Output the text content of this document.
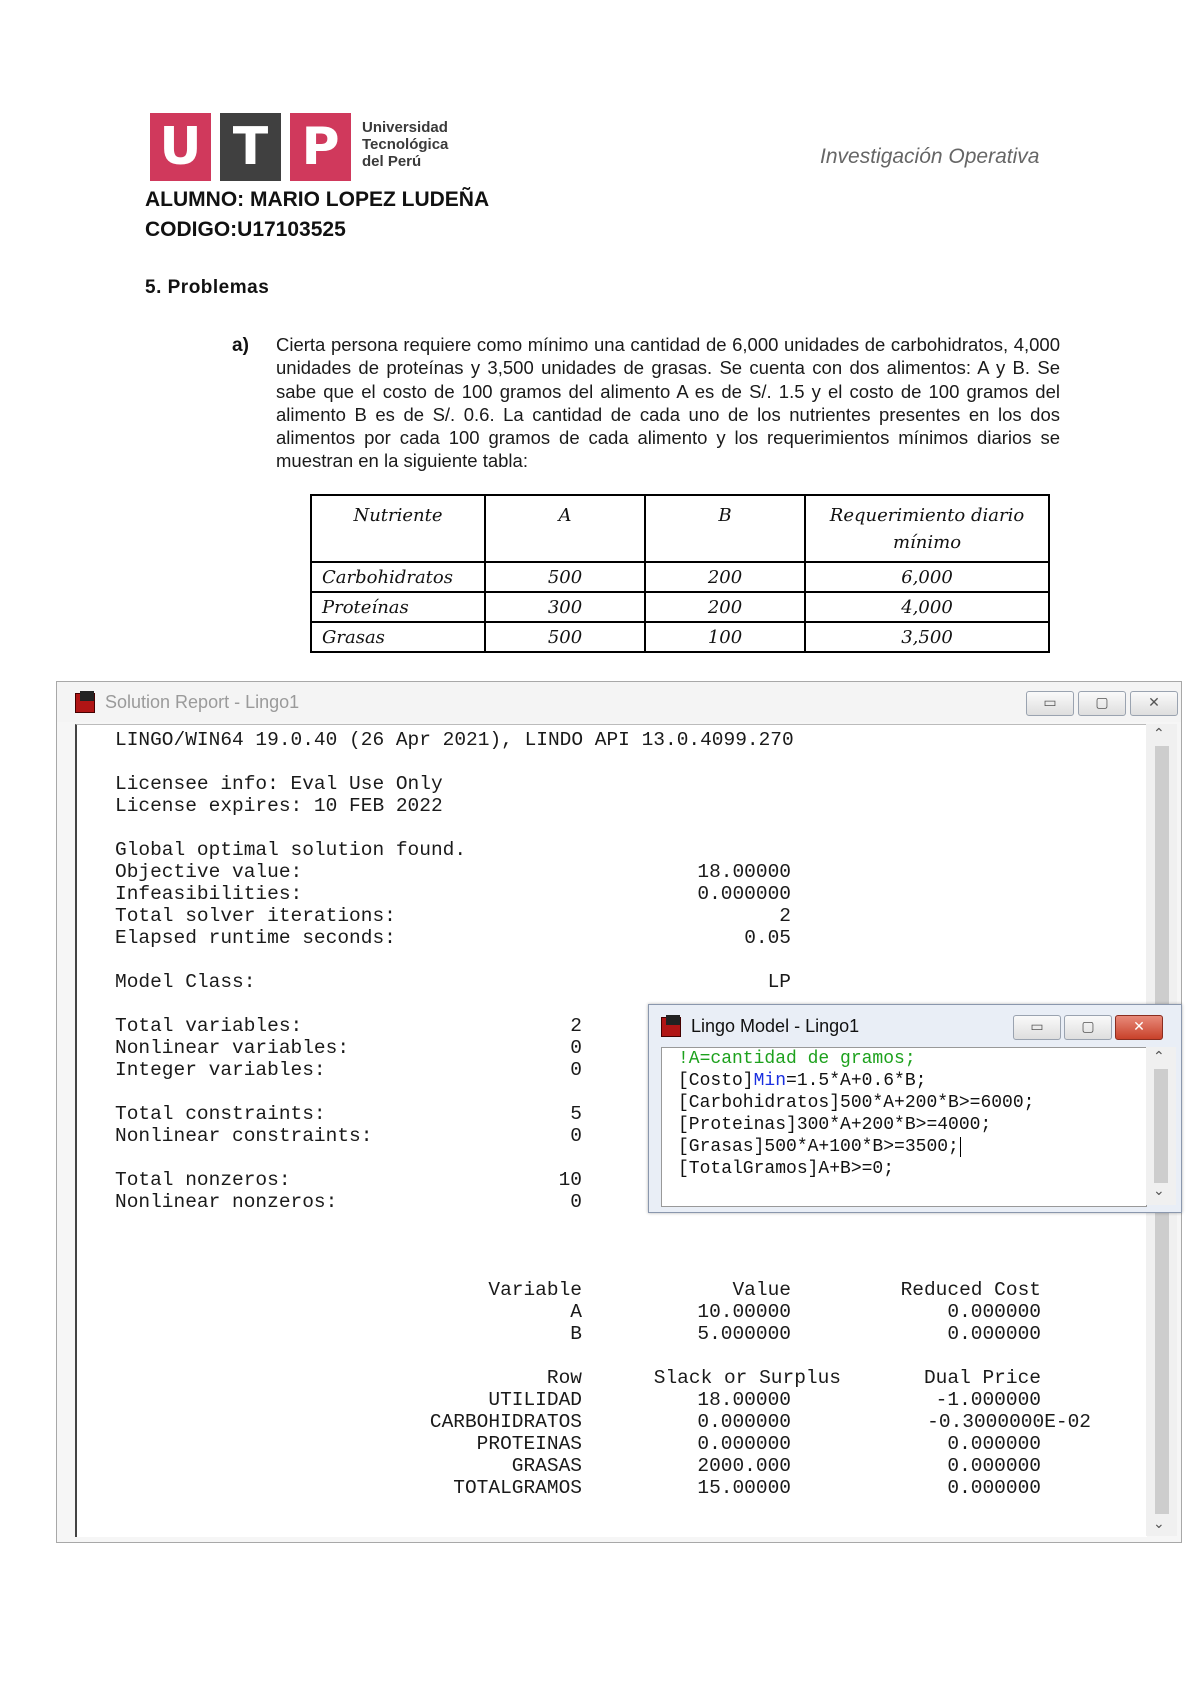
U T P	Universidad
Tecnológica
del Perú	Investigación Operativa
ALUMNO: MARIO LOPEZ LUDEÑA
CODIGO:U17103525
5. Problemas
a) Cierta persona requiere como mínimo una cantidad de 6,000 unidades de carbohidratos, 4,000 unidades de proteínas y 3,500 unidades de grasas. Se cuenta con dos alimentos: A y B. Se sabe que el costo de 100 gramos del alimento A es de S/. 1.5 y el costo de 100 gramos del alimento B es de S/. 0.6. La cantidad de cada uno de los nutrientes presentes en los dos alimentos por cada 100 gramos de cada alimento y los requerimientos mínimos diarios se muestran en la siguiente tabla:
Nutriente	A	B	Requerimiento diario mínimo
Carbohidratos	500	200	6,000
Proteínas	300	200	4,000
Grasas	500	100	3,500
Solution Report - Lingo1	▭	▢	✕
LINGO/WIN64 19.0.40 (26 Apr 2021), LINDO API 13.0.4099.270
Licensee info: Eval Use Only
License expires: 10 FEB 2022
Global optimal solution found.
Objective value:	18.00000
Infeasibilities:	0.000000
Total solver iterations:	2
Elapsed runtime seconds:	0.05
Model Class:	LP
Total variables:	2
Nonlinear variables:	0
Integer variables:	0
Total constraints:	5
Nonlinear constraints:	0
Total nonzeros:	10
Nonlinear nonzeros:	0
Variable	Value	Reduced Cost
A	10.00000	0.000000
B	5.000000	0.000000
Row	Slack or Surplus	Dual Price
UTILIDAD	18.00000	-1.000000
CARBOHIDRATOS	0.000000	-0.3000000E-02
PROTEINAS	0.000000	0.000000
GRASAS	2000.000	0.000000
TOTALGRAMOS	15.00000	0.000000
⌃
⌄
Lingo Model - Lingo1	▭	▢	✕
!A=cantidad de gramos;
[Costo]Min=1.5*A+0.6*B;
[Carbohidratos]500*A+200*B>=6000;
[Proteinas]300*A+200*B>=4000;
[Grasas]500*A+100*B>=3500;
[TotalGramos]A+B>=0;
⌃
⌄
